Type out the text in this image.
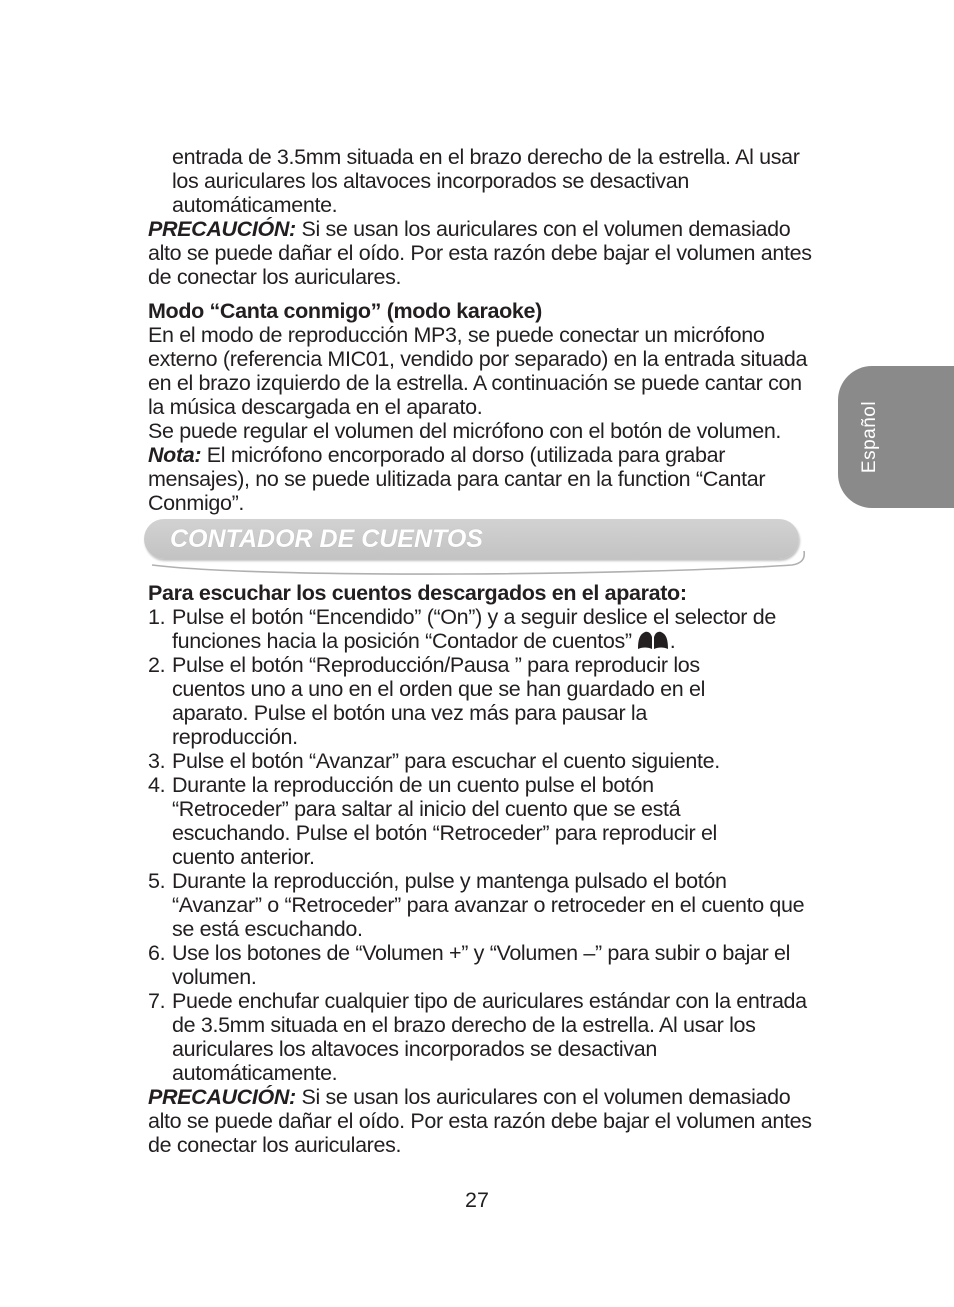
Español
entrada de 3.5mm situada en el brazo derecho de la estrella. Al usar los auriculares los altavoces incorporados se desactivan automáticamente.
PRECAUCIÓN: Si se usan los auriculares con el volumen demasiado alto se puede dañar el oído. Por esta razón debe bajar el volumen antes de conectar los auriculares.
Modo “Canta conmigo” (modo karaoke)
En el modo de reproducción MP3, se puede conectar un micrófono externo (referencia MIC01, vendido por separado) en la entrada situada en el brazo izquierdo de la estrella. A continuación se puede cantar con la música descargada en el aparato.
Se puede regular el volumen del micrófono con el botón de volumen.
Nota: El micrófono encorporado al dorso (utilizada para grabar mensajes), no se puede ulitizada para cantar en la function “Cantar Conmigo”.
CONTADOR DE CUENTOS
Para escuchar los cuentos descargados en el aparato:
1. Pulse el botón “Encendido” (“On”) y a seguir deslice el selector de funciones hacia la posición “Contador de cuentos” .
2. Pulse el botón “Reproducción/Pausa ” para reproducir los cuentos uno a uno en el orden que se han guardado en el aparato. Pulse el botón una vez más para pausar la reproducción.
3. Pulse el botón “Avanzar” para escuchar el cuento siguiente.
4. Durante la reproducción de un cuento pulse el botón “Retroceder” para saltar al inicio del cuento que se está escuchando. Pulse el botón “Retroceder” para reproducir el cuento anterior.
5. Durante la reproducción, pulse y mantenga pulsado el botón “Avanzar” o “Retroceder” para avanzar o retroceder en el cuento que se está escuchando.
6. Use los botones de “Volumen +” y “Volumen –” para subir o bajar el volumen.
7. Puede enchufar cualquier tipo de auriculares estándar con la entrada de 3.5mm situada en el brazo derecho de la estrella. Al usar los auriculares los altavoces incorporados se desactivan automáticamente.
PRECAUCIÓN: Si se usan los auriculares con el volumen demasiado alto se puede dañar el oído. Por esta razón debe bajar el volumen antes de conectar los auriculares.
27
